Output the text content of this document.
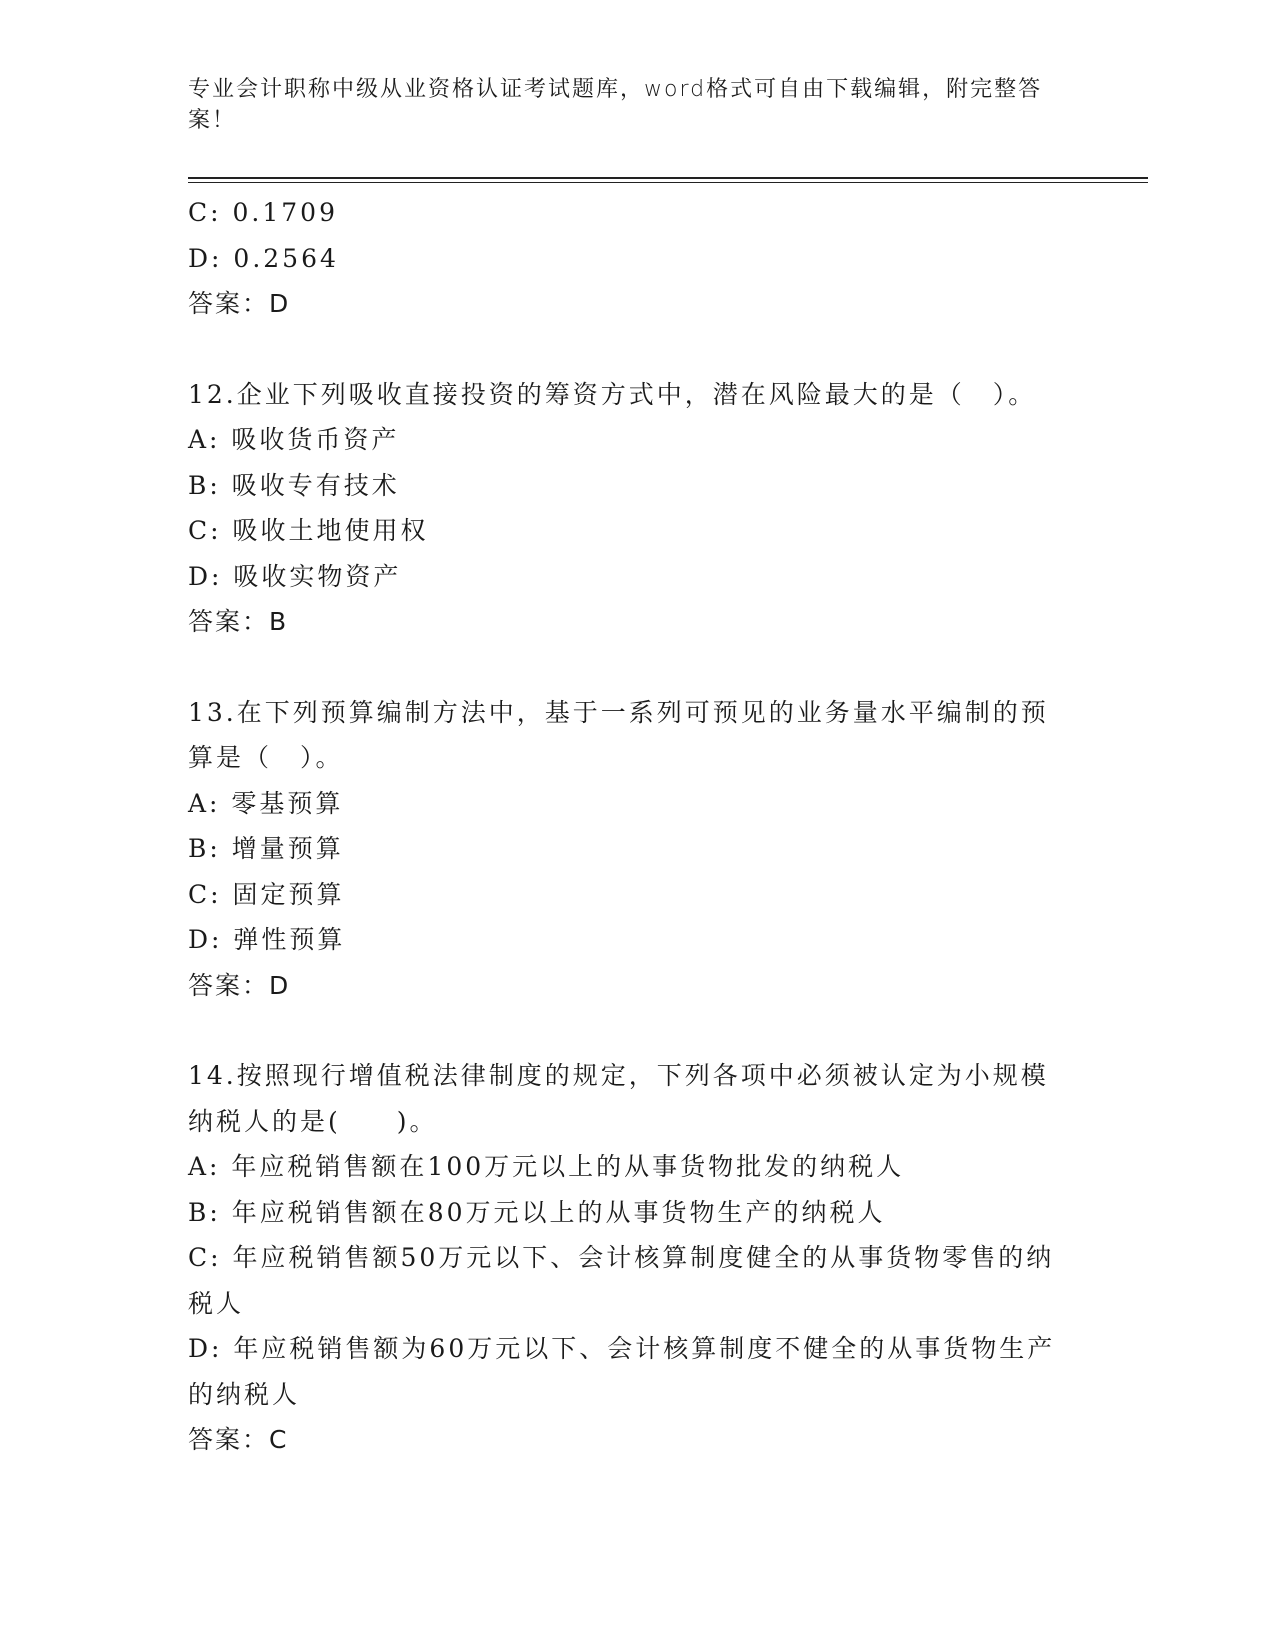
专业会计职称中级从业资格认证考试题库，word格式可自由下载编辑，附完整答案！
C: 0.1709
D: 0.2564
答案：D
12.企业下列吸收直接投资的筹资方式中，潜在风险最大的是（　）。
A: 吸收货币资产
B: 吸收专有技术
C: 吸收土地使用权
D: 吸收实物资产
答案：B
13.在下列预算编制方法中，基于一系列可预见的业务量水平编制的预算是（　）。
A: 零基预算
B: 增量预算
C: 固定预算
D: 弹性预算
答案：D
14.按照现行增值税法律制度的规定，下列各项中必须被认定为小规模纳税人的是(　　)。
A: 年应税销售额在100万元以上的从事货物批发的纳税人
B: 年应税销售额在80万元以上的从事货物生产的纳税人
C: 年应税销售额50万元以下、会计核算制度健全的从事货物零售的纳税人
D: 年应税销售额为60万元以下、会计核算制度不健全的从事货物生产的纳税人
答案：C
